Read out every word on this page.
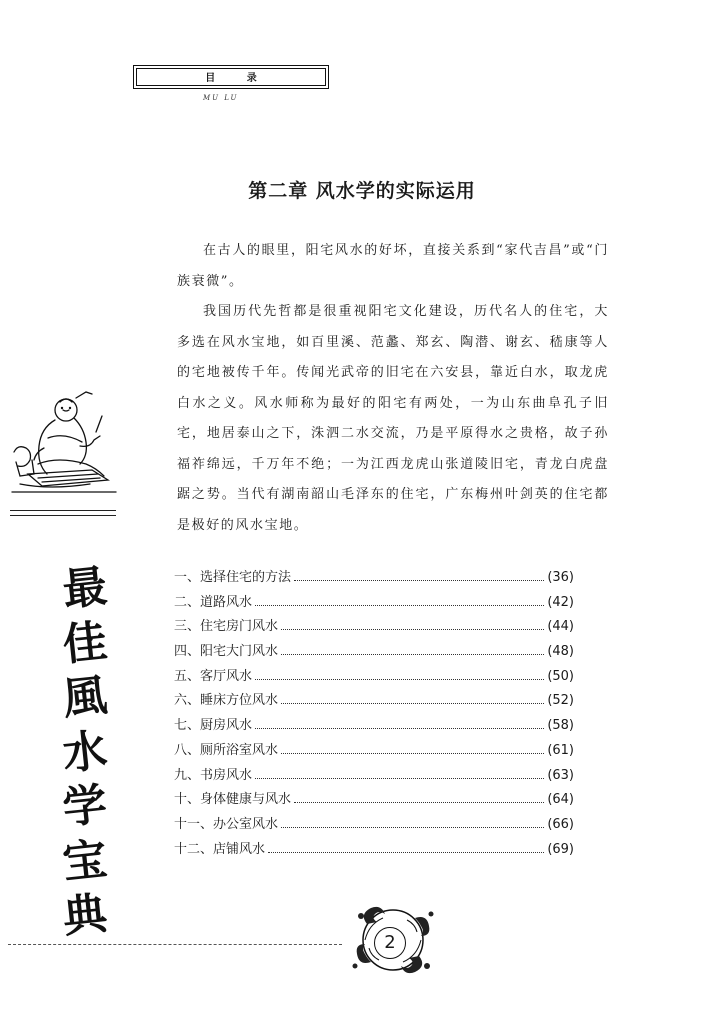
目 录
MU LU
第二章 风水学的实际运用

在古人的眼里，阳宅风水的好坏，直接关系到“家代吉昌”或“门族衰微”。

我国历代先哲都是很重视阳宅文化建设，历代名人的住宅，大多选在风水宝地，如百里溪、范蠡、郑玄、陶潜、谢玄、嵇康等人的宅地被传千年。传闻光武帝的旧宅在六安县，靠近白水，取龙虎白水之义。风水师称为最好的阳宅有两处，一为山东曲阜孔子旧宅，地居泰山之下，洙泗二水交流，乃是平原得水之贵格，故子孙福祚绵远，千万年不绝；一为江西龙虎山张道陵旧宅，青龙白虎盘踞之势。当代有湖南韶山毛泽东的住宅，广东梅州叶剑英的住宅都是极好的风水宝地。

最
佳
風
水
学
宝
典
一、选择住宅的方法	(36)
二、道路风水	(42)
三、住宅房门风水	(44)
四、阳宅大门风水	(48)
五、客厅风水	(50)
六、睡床方位风水	(52)
七、厨房风水	(58)
八、厕所浴室风水	(61)
九、书房风水	(63)
十、身体健康与风水	(64)
十一、办公室风水	(66)
十二、店铺风水	(69)
2
